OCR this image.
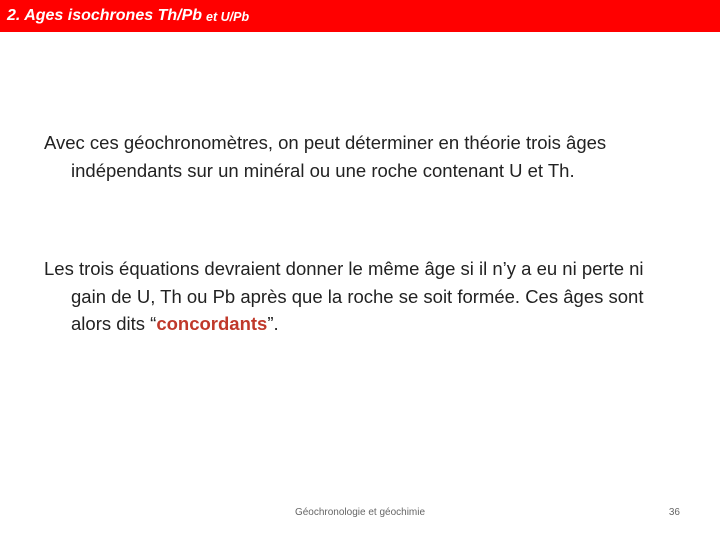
2. Ages isochrones Th/Pb et U/Pb

Avec ces géochronomètres, on peut déterminer en théorie trois âges indépendants sur un minéral ou une roche contenant U et Th.

Les trois équations devraient donner le même âge si il n’y a eu ni perte ni gain de U, Th ou Pb après que la roche se soit formée. Ces âges sont alors dits “concordants”.

Géochronologie et géochimie	36
